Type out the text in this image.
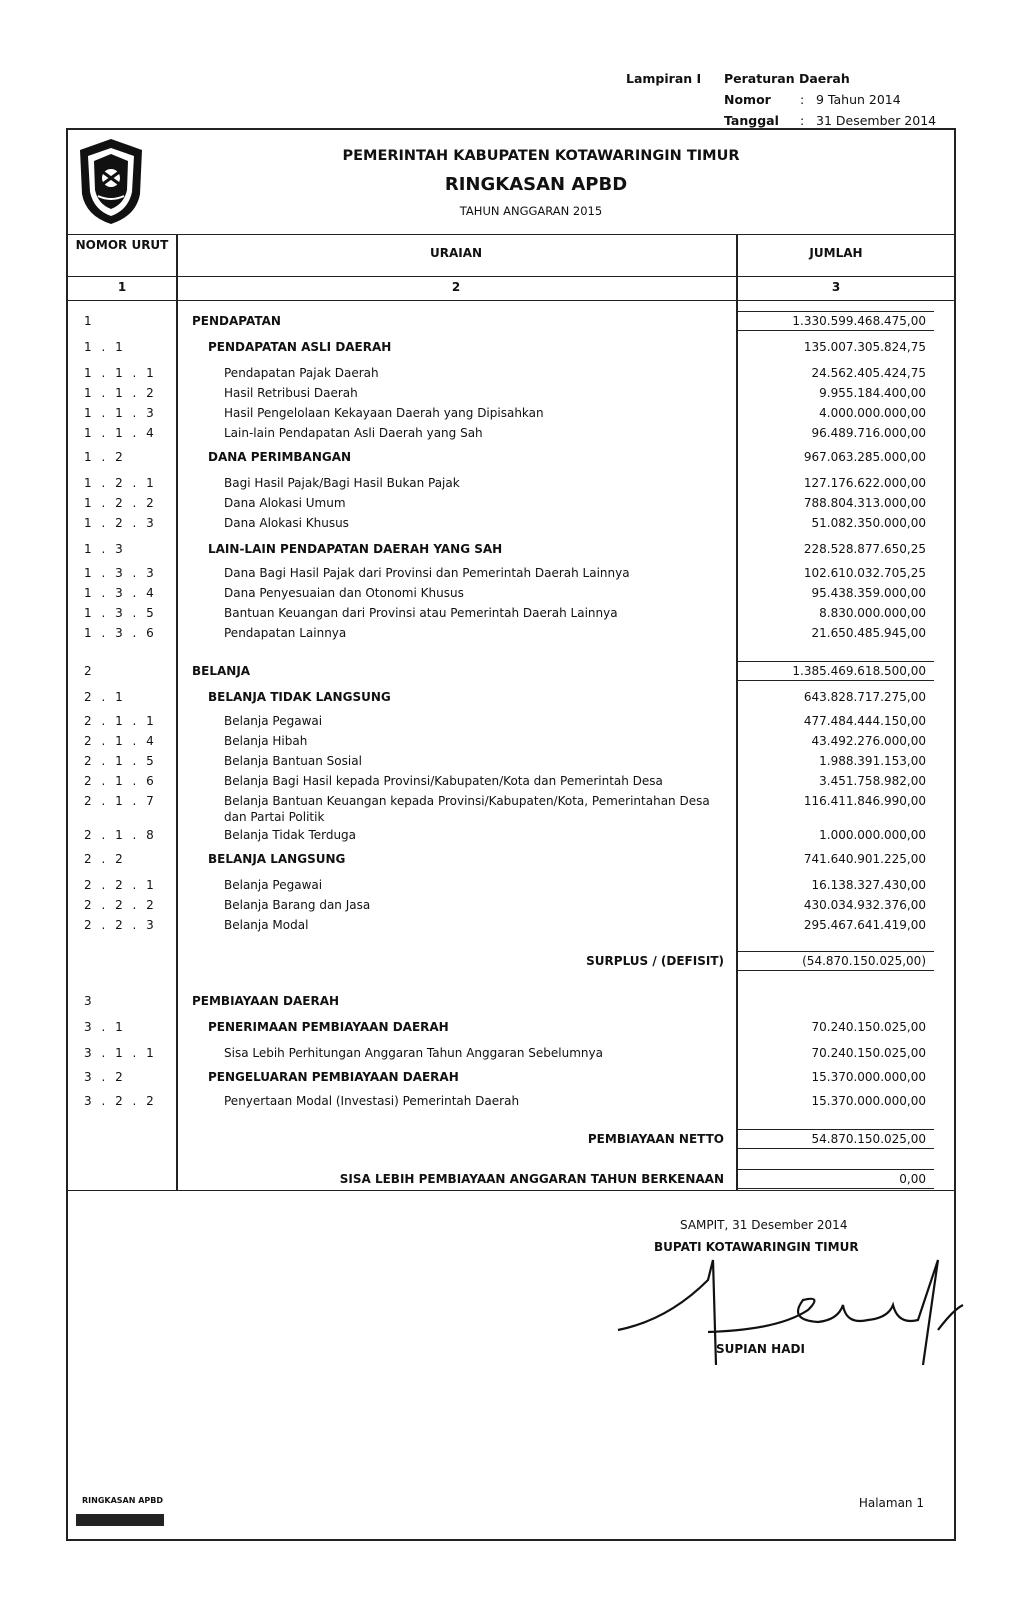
Lampiran I	Peraturan Daerah
Nomor	: 9 Tahun 2014
Tanggal	: 31 Desember 2014
PEMERINTAH KABUPATEN KOTAWARINGIN TIMUR
RINGKASAN APBD
TAHUN ANGGARAN 2015
NOMOR URUT
URAIAN	JUMLAH
1	2	3
1	PENDAPATAN	1.330.599.468.475,00
1 . 1	PENDAPATAN ASLI DAERAH	135.007.305.824,75
1 . 1 . 1	Pendapatan Pajak Daerah	24.562.405.424,75
1 . 1 . 2	Hasil Retribusi Daerah	9.955.184.400,00
1 . 1 . 3	Hasil Pengelolaan Kekayaan Daerah yang Dipisahkan	4.000.000.000,00
1 . 1 . 4	Lain-lain Pendapatan Asli Daerah yang Sah	96.489.716.000,00
1 . 2	DANA PERIMBANGAN	967.063.285.000,00
1 . 2 . 1	Bagi Hasil Pajak/Bagi Hasil Bukan Pajak	127.176.622.000,00
1 . 2 . 2	Dana Alokasi Umum	788.804.313.000,00
1 . 2 . 3	Dana Alokasi Khusus	51.082.350.000,00
1 . 3	LAIN-LAIN PENDAPATAN DAERAH YANG SAH	228.528.877.650,25
1 . 3 . 3	Dana Bagi Hasil Pajak dari Provinsi dan Pemerintah Daerah Lainnya	102.610.032.705,25
1 . 3 . 4	Dana Penyesuaian dan Otonomi Khusus	95.438.359.000,00
1 . 3 . 5	Bantuan Keuangan dari Provinsi atau Pemerintah Daerah Lainnya	8.830.000.000,00
1 . 3 . 6	Pendapatan Lainnya	21.650.485.945,00
2	BELANJA	1.385.469.618.500,00
2 . 1	BELANJA TIDAK LANGSUNG	643.828.717.275,00
2 . 1 . 1	Belanja Pegawai	477.484.444.150,00
2 . 1 . 4	Belanja Hibah	43.492.276.000,00
2 . 1 . 5	Belanja Bantuan Sosial	1.988.391.153,00
2 . 1 . 6	Belanja Bagi Hasil kepada Provinsi/Kabupaten/Kota dan Pemerintah Desa	3.451.758.982,00
2 . 1 . 7	Belanja Bantuan Keuangan kepada Provinsi/Kabupaten/Kota, Pemerintahan Desa
dan Partai Politik
116.411.846.990,00
2 . 1 . 8	Belanja Tidak Terduga	1.000.000.000,00
2 . 2	BELANJA LANGSUNG	741.640.901.225,00
2 . 2 . 1	Belanja Pegawai	16.138.327.430,00
2 . 2 . 2	Belanja Barang dan Jasa	430.034.932.376,00
2 . 2 . 3	Belanja Modal	295.467.641.419,00
3	PEMBIAYAAN DAERAH
3 . 1	PENERIMAAN PEMBIAYAAN DAERAH	70.240.150.025,00
3 . 1 . 1	Sisa Lebih Perhitungan Anggaran Tahun Anggaran Sebelumnya	70.240.150.025,00
3 . 2	PENGELUARAN PEMBIAYAAN DAERAH	15.370.000.000,00
3 . 2 . 2	Penyertaan Modal (Investasi) Pemerintah Daerah	15.370.000.000,00
SURPLUS / (DEFISIT)	(54.870.150.025,00)
PEMBIAYAAN NETTO	54.870.150.025,00
SISA LEBIH PEMBIAYAAN ANGGARAN TAHUN BERKENAAN	0,00
SAMPIT, 31 Desember 2014
BUPATI KOTAWARINGIN TIMUR
SUPIAN HADI
RINGKASAN APBD	Halaman 1
